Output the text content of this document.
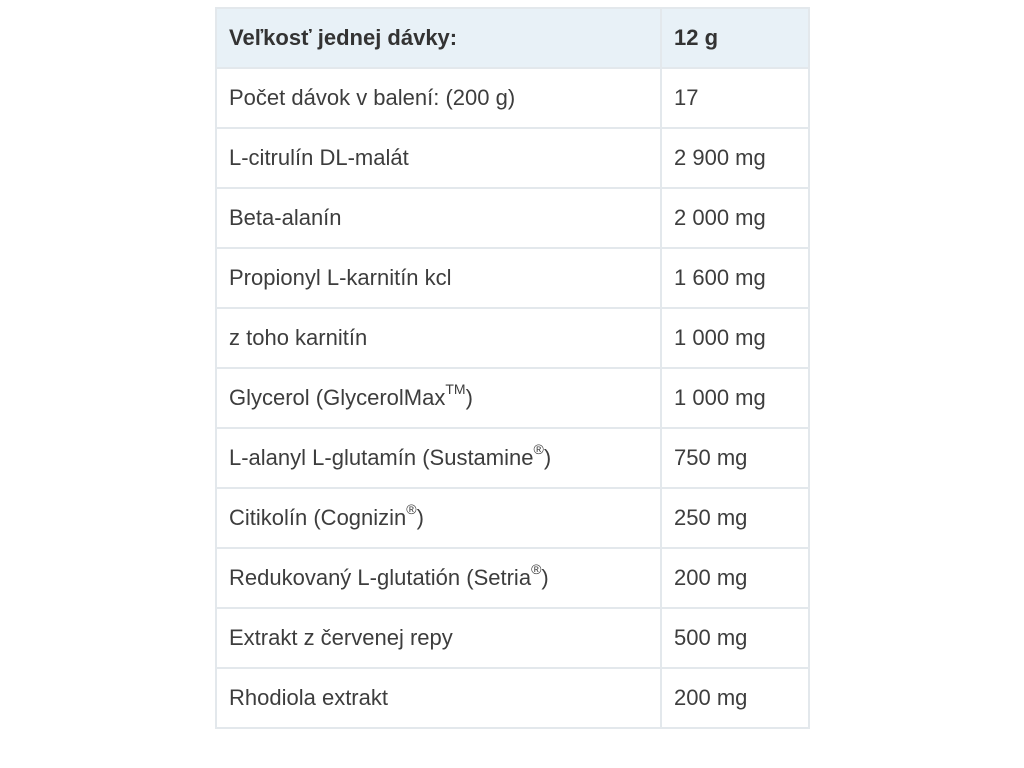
Veľkosť jednej dávky:	12 g
Počet dávok v balení: (200 g)	17
L-citrulín DL-malát	2 900 mg
Beta-alanín	2 000 mg
Propionyl L-karnitín kcl	1 600 mg
z toho karnitín	1 000 mg
Glycerol (GlycerolMax™)	1 000 mg
L-alanyl L-glutamín (Sustamine®)	750 mg
Citikolín (Cognizin®)	250 mg
Redukovaný L-glutatión (Setria®)	200 mg
Extrakt z červenej repy	500 mg
Rhodiola extrakt	200 mg
